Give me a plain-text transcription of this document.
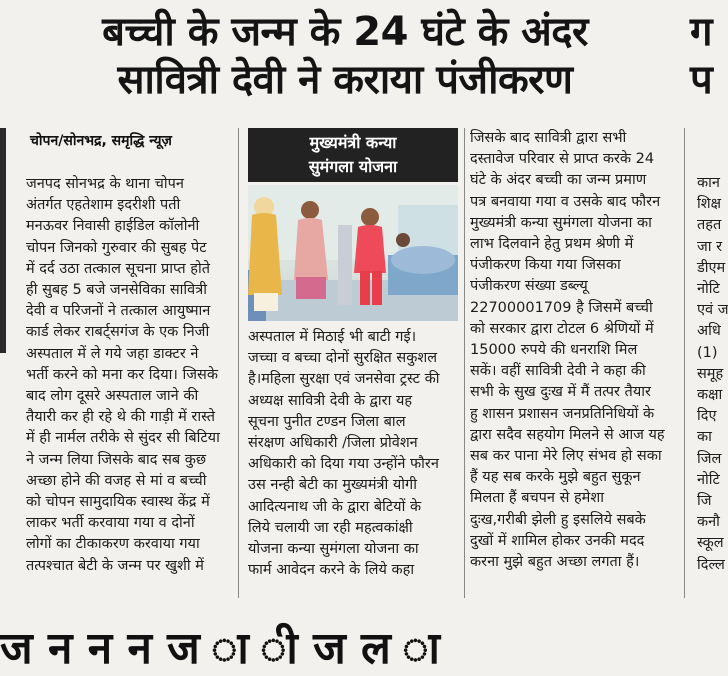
बच्ची के जन्म के 24 घंटे के अंदर
सावित्री देवी ने कराया पंजीकरण
ग
प
चोपन/सोनभद्र, समृद्धि न्यूज़
जनपद सोनभद्र के थाना चोपन
अंतर्गत एहतेशाम इदरीशी पती
मनऊवर निवासी हाईडिल कॉलोनी
चोपन जिनको गुरुवार की सुबह पेट
में दर्द उठा तत्काल सूचना प्राप्त होते
ही सुबह 5 बजे जनसेविका सावित्री
देवी व परिजनों ने तत्काल आयुष्मान
कार्ड लेकर राबर्ट्सगंज के एक निजी
अस्पताल में ले गये जहा डाक्टर ने
भर्ती करने को मना कर दिया। जिसके
बाद लोग दूसरे अस्पताल जाने की
तैयारी कर ही रहे थे की गाड़ी में रास्ते
में ही नार्मल तरीके से सुंदर सी बिटिया
ने जन्म लिया जिसके बाद सब कुछ
अच्छा होने की वजह से मां व बच्ची
को चोपन सामुदायिक स्वास्थ केंद्र में
लाकर भर्ती करवाया गया व दोनों
लोगों का टीकाकरण करवाया गया
तत्पश्चात बेटी के जन्म पर खुशी में
मुख्यमंत्री कन्या
सुमंगला योजना
अस्पताल में मिठाई भी बाटी गई।
जच्चा व बच्चा दोनों सुरक्षित सकुशल
है।महिला सुरक्षा एवं जनसेवा ट्रस्ट की
अध्यक्ष सावित्री देवी के द्वारा यह
सूचना पुनीत टण्डन जिला बाल
संरक्षण अधिकारी /जिला प्रोवेशन
अधिकारी को दिया गया उन्होंने फौरन
उस नन्ही बेटी का मुख्यमंत्री योगी
आदित्यनाथ जी के द्वारा बेटियों के
लिये चलायी जा रही महत्वकांक्षी
योजना कन्या सुमंगला योजना का
फार्म आवेदन करने के लिये कहा
जिसके बाद सावित्री द्वारा सभी
दस्तावेज परिवार से प्राप्त करके 24
घंटे के अंदर बच्ची का जन्म प्रमाण
पत्र बनवाया गया व उसके बाद फौरन
मुख्यमंत्री कन्या सुमंगला योजना का
लाभ दिलवाने हेतु प्रथम श्रेणी में
पंजीकरण किया गया जिसका
पंजीकरण संख्या डब्ल्यू
22700001709 है जिसमें बच्ची
को सरकार द्वारा टोटल 6 श्रेणियों में
15000 रुपये की धनराशि मिल
सकें। वहीं सावित्री देवी ने कहा की
सभी के सुख दुःख में मैं तत्पर तैयार
हु शासन प्रशासन जनप्रतिनिधियों के
द्वारा सदैव सहयोग मिलने से आज यह
सब कर पाना मेरे लिए संभव हो सका
हैं यह सब करके मुझे बहुत सुकून
मिलता हैं बचपन से हमेशा
दुःख,गरीबी झेली हु इसलिये सबके
दुखों में शामिल होकर उनकी मदद
करना मुझे बहुत अच्छा लगता हैं।
कान
शिक्ष
तहत
जा र
डीएम
नोटि
एवं ज
अधि
(1)
समूह
कक्षा
दिए
का
जिल
नोटि
जि
कनौ
स्कूल
दिल्ल
ज न न न ज ा ी ज ल ा
